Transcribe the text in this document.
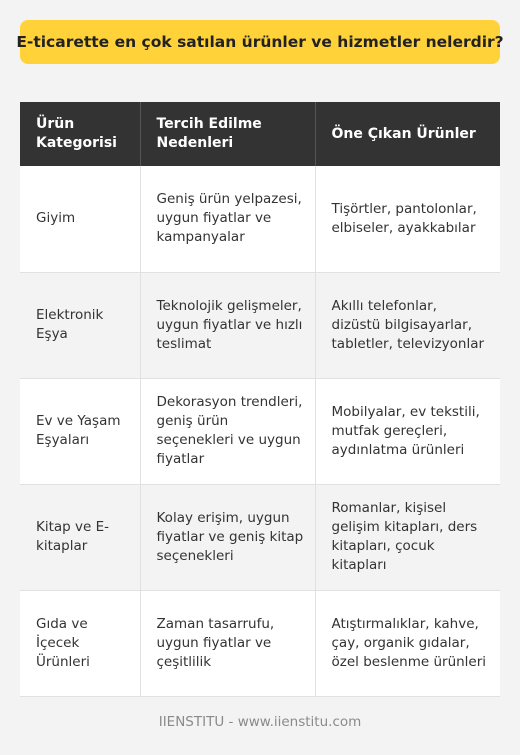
E-ticarette en çok satılan ürünler ve hizmetler nelerdir?
Ürün Kategorisi	Tercih Edilme Nedenleri	Öne Çıkan Ürünler
Giyim	Geniş ürün yelpazesi, uygun fiyatlar ve kampanyalar	Tişörtler, pantolonlar, elbiseler, ayakkabılar
Elektronik Eşya	Teknolojik gelişmeler, uygun fiyatlar ve hızlı teslimat	Akıllı telefonlar, dizüstü bilgisayarlar, tabletler, televizyonlar
Ev ve Yaşam Eşyaları	Dekorasyon trendleri, geniş ürün seçenekleri ve uygun fiyatlar	Mobilyalar, ev tekstili, mutfak gereçleri, aydınlatma ürünleri
Kitap ve E-kitaplar	Kolay erişim, uygun fiyatlar ve geniş kitap seçenekleri	Romanlar, kişisel gelişim kitapları, ders kitapları, çocuk kitapları
Gıda ve İçecek Ürünleri	Zaman tasarrufu, uygun fiyatlar ve çeşitlilik	Atıştırmalıklar, kahve, çay, organik gıdalar, özel beslenme ürünleri
IIENSTITU - www.iienstitu.com
